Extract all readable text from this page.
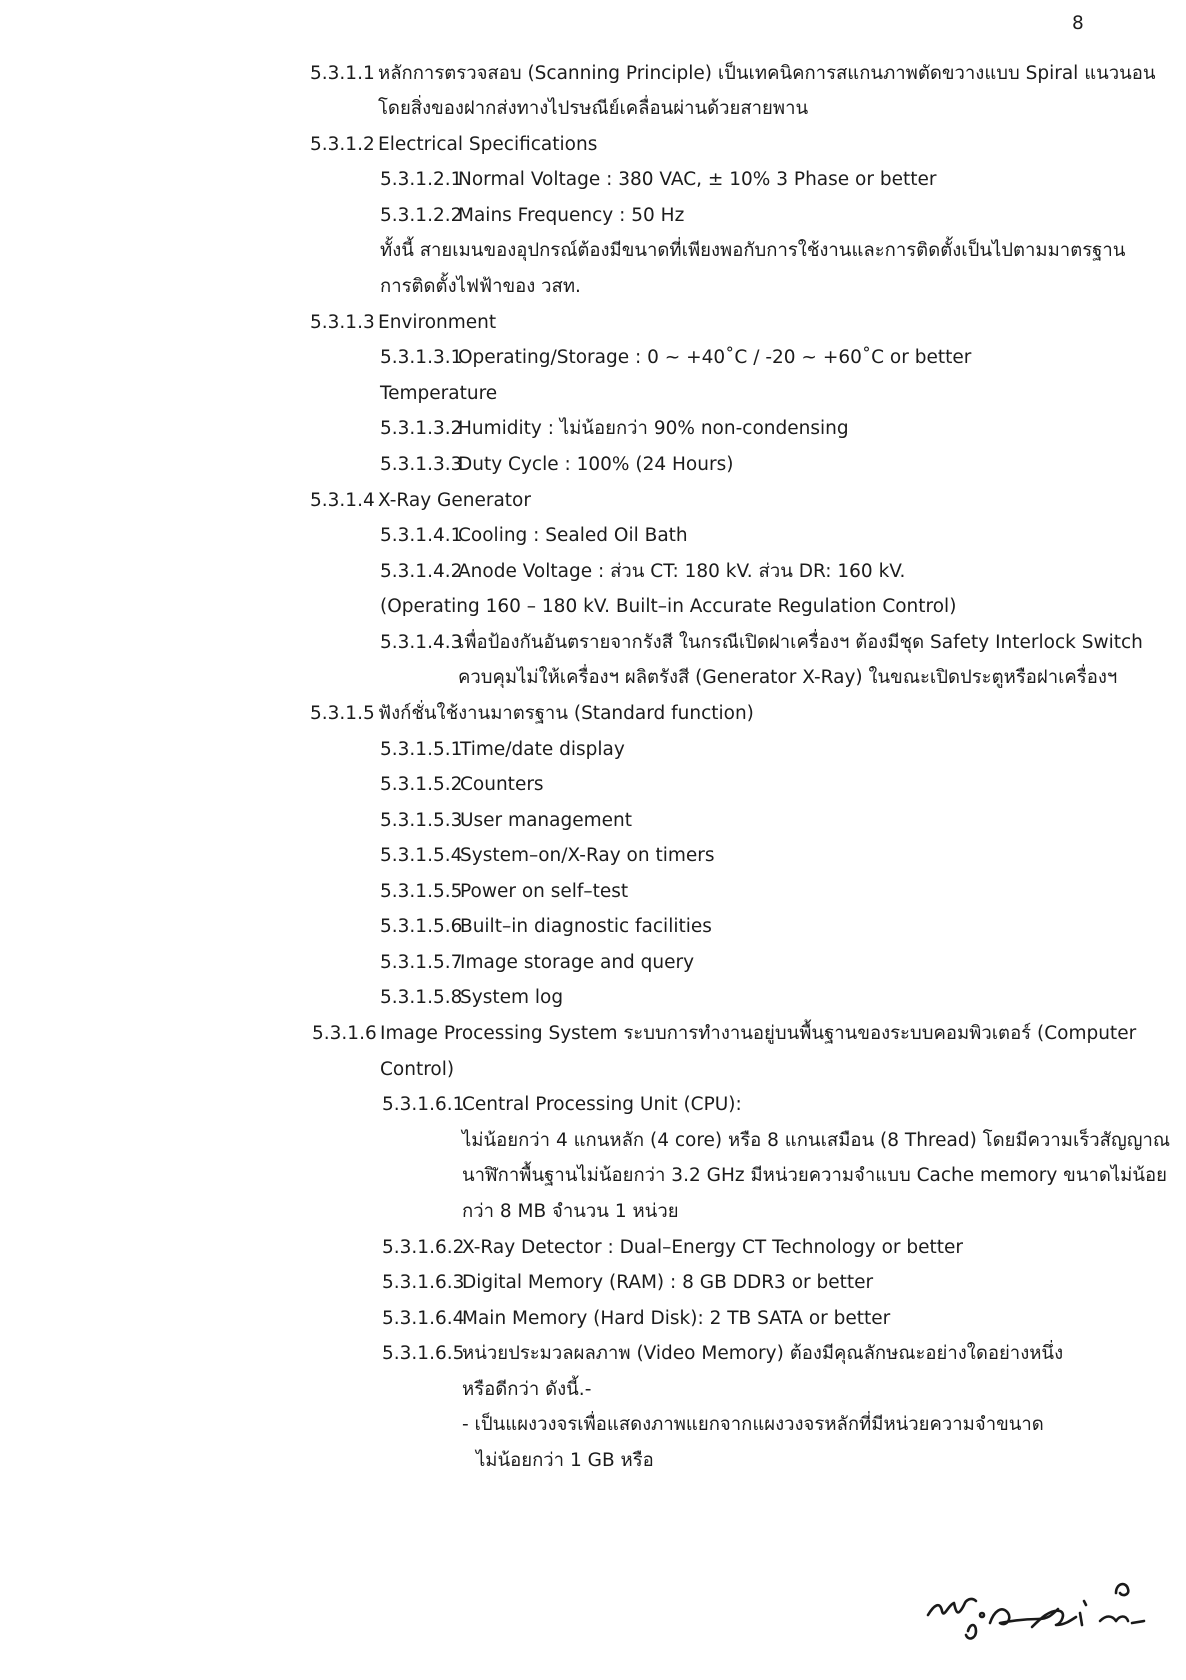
8
5.3.1.1 หลักการตรวจสอบ (Scanning Principle) เป็นเทคนิคการสแกนภาพตัดขวางแบบ Spiral แนวนอน
โดยสิ่งของฝากส่งทางไปรษณีย์เคลื่อนผ่านด้วยสายพาน
5.3.1.2 Electrical Specifications
5.3.1.2.1
Normal Voltage : 380 VAC, ± 10% 3 Phase or better
5.3.1.2.2
Mains Frequency : 50 Hz
ทั้งนี้ สายเมนของอุปกรณ์ต้องมีขนาดที่เพียงพอกับการใช้งานและการติดตั้งเป็นไปตามมาตรฐาน
การติดตั้งไฟฟ้าของ วสท.
5.3.1.3 Environment
5.3.1.3.1
Operating/Storage : 0 ~ +40˚C / -20 ~ +60˚C or better
Temperature
5.3.1.3.2
Humidity : ไม่น้อยกว่า 90% non-condensing
5.3.1.3.3
Duty Cycle : 100% (24 Hours)
5.3.1.4 X-Ray Generator
5.3.1.4.1
Cooling : Sealed Oil Bath
5.3.1.4.2
Anode Voltage : ส่วน CT: 180 kV. ส่วน DR: 160 kV.
(Operating 160 – 180 kV. Built–in Accurate Regulation Control)
5.3.1.4.3
เพื่อป้องกันอันตรายจากรังสี ในกรณีเปิดฝาเครื่องฯ ต้องมีชุด Safety Interlock Switch
ควบคุมไม่ให้เครื่องฯ ผลิตรังสี (Generator X-Ray) ในขณะเปิดประตูหรือฝาเครื่องฯ
5.3.1.5 ฟังก์ชั่นใช้งานมาตรฐาน (Standard function)
5.3.1.5.1
Time/date display
5.3.1.5.2
Counters
5.3.1.5.3
User management
5.3.1.5.4
System–on/X-Ray on timers
5.3.1.5.5
Power on self–test
5.3.1.5.6
Built–in diagnostic facilities
5.3.1.5.7
Image storage and query
5.3.1.5.8
System log
5.3.1.6 Image Processing System ระบบการทำงานอยู่บนพื้นฐานของระบบคอมพิวเตอร์ (Computer
Control)
5.3.1.6.1
Central Processing Unit (CPU):
ไม่น้อยกว่า 4 แกนหลัก (4 core) หรือ 8 แกนเสมือน (8 Thread) โดยมีความเร็วสัญญาณ
นาฬิกาพื้นฐานไม่น้อยกว่า 3.2 GHz มีหน่วยความจำแบบ Cache memory ขนาดไม่น้อย
กว่า 8 MB จำนวน 1 หน่วย
5.3.1.6.2
X-Ray Detector : Dual–Energy CT Technology or better
5.3.1.6.3
Digital Memory (RAM) : 8 GB DDR3 or better
5.3.1.6.4
Main Memory (Hard Disk): 2 TB SATA or better
5.3.1.6.5
หน่วยประมวลผลภาพ (Video Memory) ต้องมีคุณลักษณะอย่างใดอย่างหนึ่ง
หรือดีกว่า ดังนี้.-
- เป็นแผงวงจรเพื่อแสดงภาพแยกจากแผงวงจรหลักที่มีหน่วยความจำขนาด
ไม่น้อยกว่า 1 GB หรือ
